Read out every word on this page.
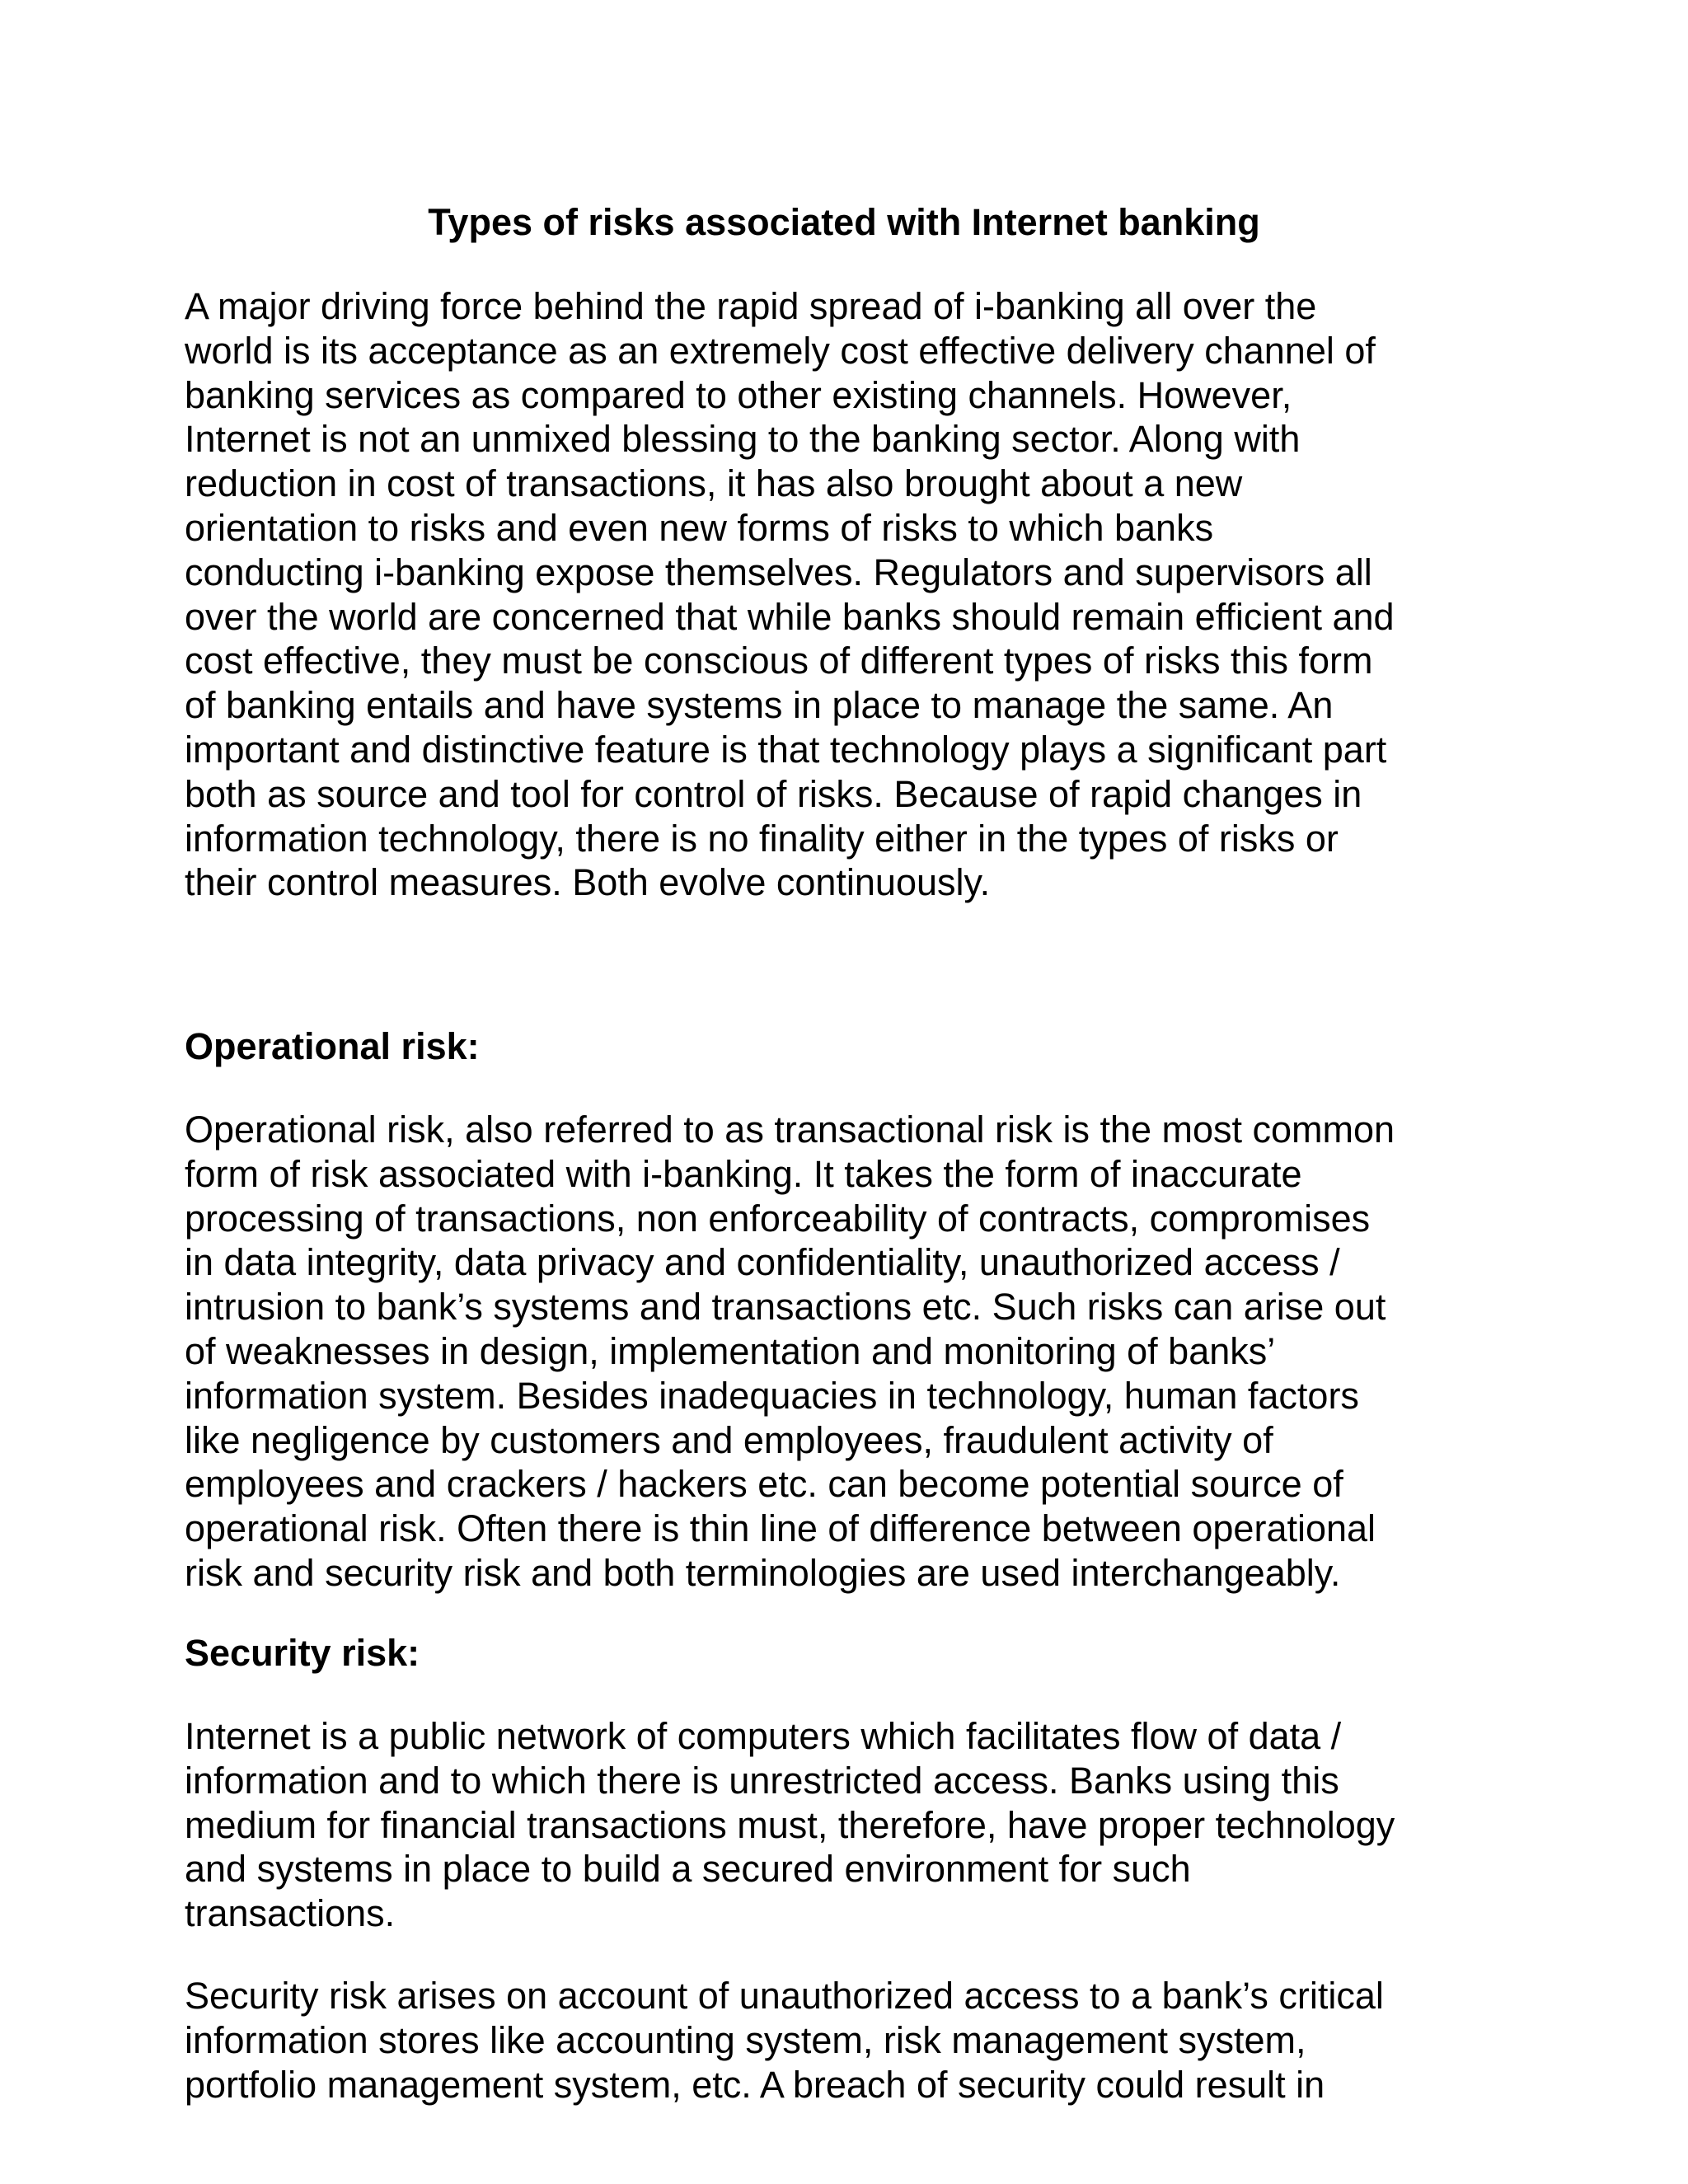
Types of risks associated with Internet banking

A major driving force behind the rapid spread of i-banking all over the
world is its acceptance as an extremely cost effective delivery channel of
banking services as compared to other existing channels. However,
Internet is not an unmixed blessing to the banking sector. Along with
reduction in cost of transactions, it has also brought about a new
orientation to risks and even new forms of risks to which banks
conducting i-banking expose themselves. Regulators and supervisors all
over the world are concerned that while banks should remain efficient and
cost effective, they must be conscious of different types of risks this form
of banking entails and have systems in place to manage the same. An
important and distinctive feature is that technology plays a significant part
both as source and tool for control of risks. Because of rapid changes in
information technology, there is no finality either in the types of risks or
their control measures. Both evolve continuously.

Operational risk:

Operational risk, also referred to as transactional risk is the most common
form of risk associated with i-banking. It takes the form of inaccurate
processing of transactions, non enforceability of contracts, compromises
in data integrity, data privacy and confidentiality, unauthorized access /
intrusion to bank’s systems and transactions etc. Such risks can arise out
of weaknesses in design, implementation and monitoring of banks’
information system. Besides inadequacies in technology, human factors
like negligence by customers and employees, fraudulent activity of
employees and crackers / hackers etc. can become potential source of
operational risk. Often there is thin line of difference between operational
risk and security risk and both terminologies are used interchangeably.

Security risk:

Internet is a public network of computers which facilitates flow of data /
information and to which there is unrestricted access. Banks using this
medium for financial transactions must, therefore, have proper technology
and systems in place to build a secured environment for such
transactions.

Security risk arises on account of unauthorized access to a bank’s critical
information stores like accounting system, risk management system,
portfolio management system, etc. A breach of security could result in
